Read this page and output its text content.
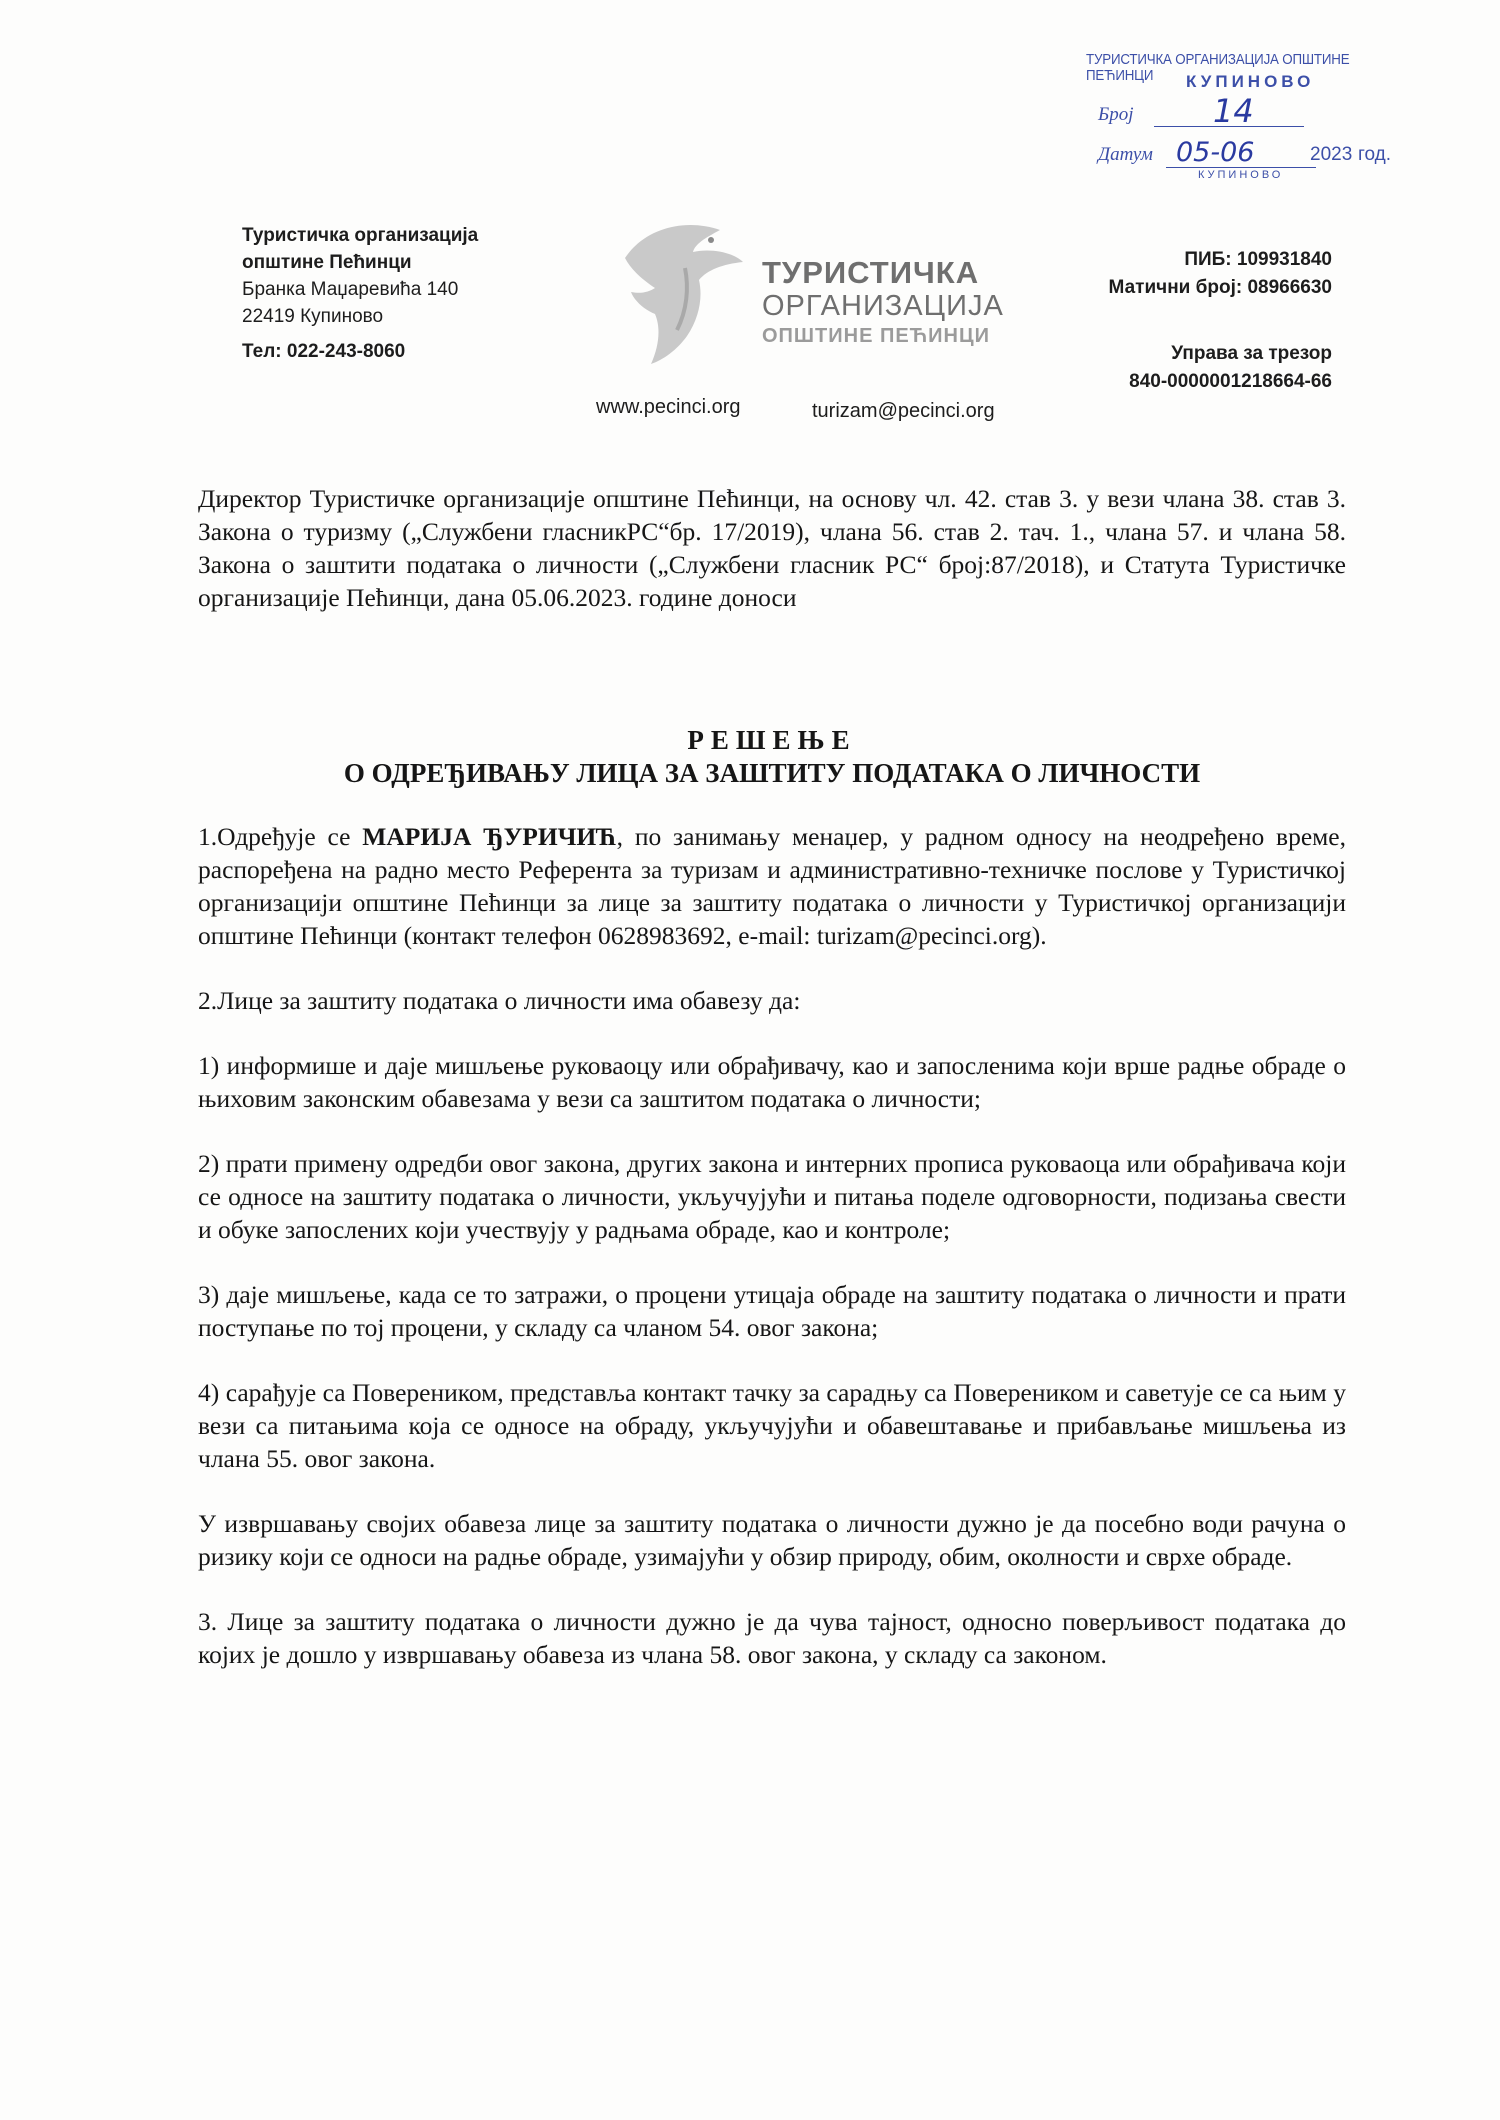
ТУРИСТИЧКА ОРГАНИЗАЦИЈА ОПШТИНЕ ПЕЋИНЦИ	КУПИНОВО
Број 14
Датум 05-06	2023 год.
КУПИНОВО
Туристичка организација
општине Пећинци
Бранка Маџаревића 140
22419 Купиново
Тел: 022-243-8060
ТУРИСТИЧКА
ОРГАНИЗАЦИЈА
ОПШТИНЕ ПЕЋИНЦИ
ПИБ: 109931840
Матични број: 08966630
Управа за трезор
840-0000001218664-66
www.pecinci.org	turizam@pecinci.org

Директор Туристичке организације општине Пећинци, на основу чл. 42. став 3. у вези члана 38. став 3. Закона о туризму („Службени гласникРС“бр. 17/2019), члана 56. став 2. тач. 1., члана 57. и члана 58. Закона о заштити података о личности („Службени гласник РС“ број:87/2018), и Статута Туристичке организације Пећинци, дана 05.06.2023. године доноси

РЕШЕЊЕ
О ОДРЕЂИВАЊУ ЛИЦА ЗА ЗАШТИТУ ПОДАТАКА О ЛИЧНОСТИ

1.Одређује се МАРИЈА ЂУРИЧИЋ, по занимању менаџер, у радном односу на неодређено време, распоређена на радно место Референта за туризам и административно-техничке послове у Туристичкој организацији општине Пећинци за лице за заштиту података о личности у Туристичкој организацији општине Пећинци (контакт телефон 0628983692, e-mail: turizam@pecinci.org).

2.Лице за заштиту података о личности има обавезу да:

1) информише и даје мишљење руковаоцу или обрађивачу, као и запосленима који врше радње обраде о њиховим законским обавезама у вези са заштитом података о личности;

2) прати примену одредби овог закона, других закона и интерних прописа руковаоца или обрађивача који се односе на заштиту података о личности, укључујући и питања поделе одговорности, подизања свести и обуке запослених који учествују у радњама обраде, као и контроле;

3) даје мишљење, када се то затражи, о процени утицаја обраде на заштиту података о личности и прати поступање по тој процени, у складу са чланом 54. овог закона;

4) сарађује са Повереником, представља контакт тачку за сарадњу са Повереником и саветује се са њим у вези са питањима која се односе на обраду, укључујући и обавештавање и прибављање мишљења из члана 55. овог закона.

У извршавању својих обавеза лице за заштиту података о личности дужно је да посебно води рачуна о ризику који се односи на радње обраде, узимајући у обзир природу, обим, околности и сврхе обраде.

3. Лице за заштиту података о личности дужно је да чува тајност, односно поверљивост података до којих је дошло у извршавању обавеза из члана 58. овог закона, у складу са законом.
